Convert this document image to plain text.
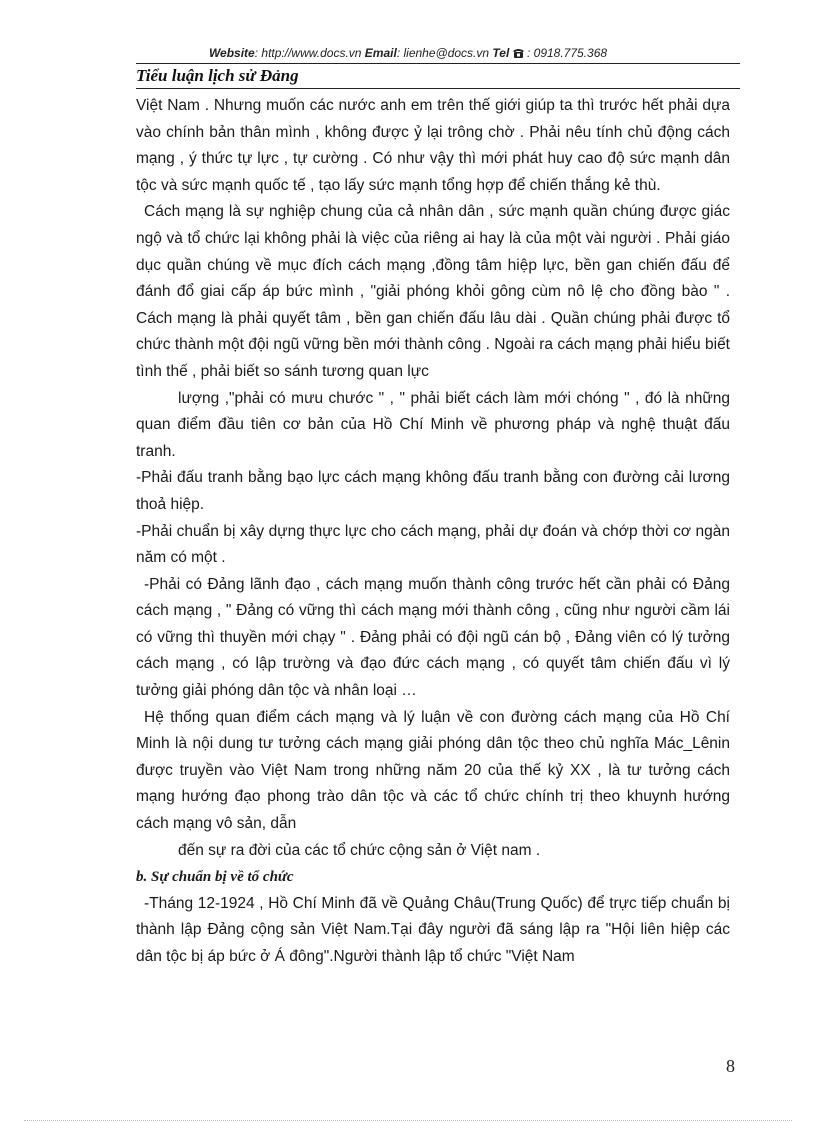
Website: http://www.docs.vn Email: lienhe@docs.vn Tel : 0918.775.368
Tiểu luận lịch sử Đảng

Việt Nam . Nhưng muốn các nước anh em trên thế giới giúp ta thì trước hết phải dựa vào chính bản thân mình , không được ỷ lại trông chờ . Phải nêu tính chủ động cách mạng , ý thức tự lực , tự cường . Có như vậy thì mới phát huy cao độ sức mạnh dân tộc và sức mạnh quốc tế , tạo lấy sức mạnh tổng hợp để chiến thắng kẻ thù.

Cách mạng là sự nghiệp chung của cả nhân dân , sức mạnh quần chúng được giác ngộ và tổ chức lại không phải là việc của riêng ai hay là của một vài người . Phải giáo dục quần chúng về mục đích cách mạng ,đồng tâm hiệp lực, bền gan chiến đấu để đánh đổ giai cấp áp bức mình , "giải phóng khỏi gông cùm nô lệ cho đồng bào " . Cách mạng là phải quyết tâm , bền gan chiến đấu lâu dài . Quần chúng phải được tổ chức thành một đội ngũ vững bền mới thành công . Ngoài ra cách mạng phải hiểu biết tình thế , phải biết so sánh tương quan lực

lượng ,"phải có mưu chước " , " phải biết cách làm mới chóng " , đó là những quan điểm đầu tiên cơ bản của Hồ Chí Minh về phương pháp và nghệ thuật đấu tranh.

-Phải đấu tranh bằng bạo lực cách mạng không đấu tranh bằng con đường cải lương thoả hiệp.

-Phải chuẩn bị xây dựng thực lực cho cách mạng, phải dự đoán và chớp thời cơ ngàn năm có một .

-Phải có Đảng lãnh đạo , cách mạng muốn thành công trước hết cần phải có Đảng cách mạng , " Đảng có vững thì cách mạng mới thành công , cũng như người cầm lái có vững thì thuyền mới chạy " . Đảng phải có đội ngũ cán bộ , Đảng viên có lý tưởng cách mạng , có lập trường và đạo đức cách mạng , có quyết tâm chiến đấu vì lý tưởng giải phóng dân tộc và nhân loại …

Hệ thống quan điểm cách mạng và lý luận về con đường cách mạng của Hồ Chí Minh là nội dung tư tưởng cách mạng giải phóng dân tộc theo chủ nghĩa Mác_Lênin được truyền vào Việt Nam trong những năm 20 của thế kỷ XX , là tư tưởng cách mạng hướng đạo phong trào dân tộc và các tổ chức chính trị theo khuynh hướng cách mạng vô sản, dẫn

đến sự ra đời của các tổ chức cộng sản ở Việt nam .

b. Sự chuẩn bị về tổ chức

-Tháng 12-1924 , Hồ Chí Minh đã về Quảng Châu(Trung Quốc) để trực tiếp chuẩn bị thành lập Đảng cộng sản Việt Nam.Tại đây người đã sáng lập ra "Hội liên hiệp các dân tộc bị áp bức ở Á đông".Người thành lập tổ chức "Việt Nam

8
